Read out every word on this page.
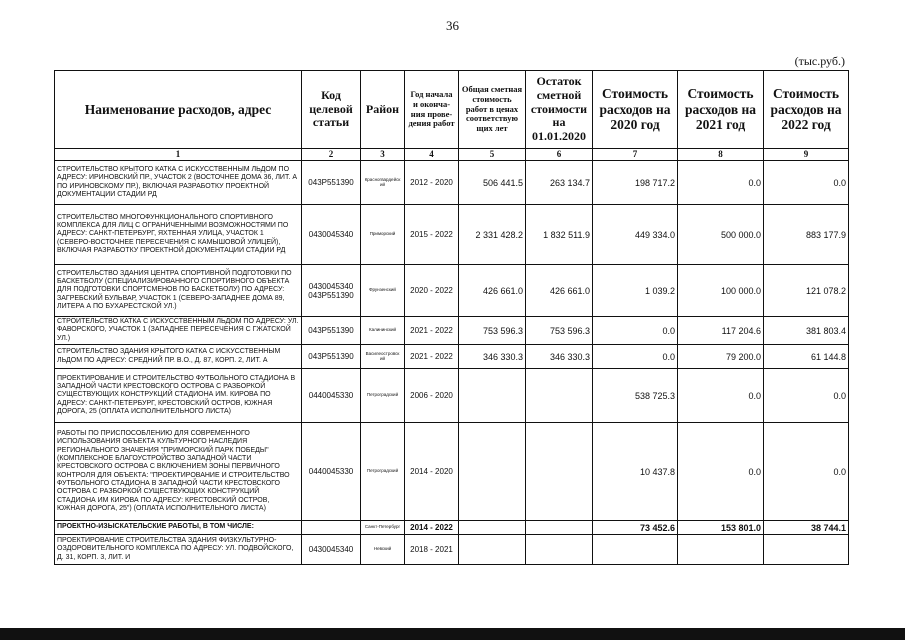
36
(тыс.руб.)
Наименование расходов, адрес	Код целевой статьи	Район	Год начала и оконча-ния прове-дения работ	Общая сметная стоимость работ в ценах соответствую щих лет	Остаток сметной стоимости на 01.01.2020	Стоимость расходов на 2020 год	Стоимость расходов на 2021 год	Стоимость расходов на 2022 год
1	2	3	4	5	6	7	8	9
СТРОИТЕЛЬСТВО КРЫТОГО КАТКА С ИСКУССТВЕННЫМ ЛЬДОМ ПО АДРЕСУ: ИРИНОВСКИЙ ПР., УЧАСТОК 2 (ВОСТОЧНЕЕ ДОМА 36, ЛИТ. А ПО ИРИНОВСКОМУ ПР.), ВКЛЮЧАЯ РАЗРАБОТКУ ПРОЕКТНОЙ ДОКУМЕНТАЦИИ СТАДИИ РД	043Р551390	Красногвардейск ий	2012 - 2020	506 441.5	263 134.7	198 717.2	0.0	0.0
СТРОИТЕЛЬСТВО МНОГОФУНКЦИОНАЛЬНОГО СПОРТИВНОГО КОМПЛЕКСА ДЛЯ ЛИЦ С ОГРАНИЧЕННЫМИ ВОЗМОЖНОСТЯМИ ПО АДРЕСУ: САНКТ-ПЕТЕРБУРГ, ЯХТЕННАЯ УЛИЦА, УЧАСТОК 1 (СЕВЕРО-ВОСТОЧНЕЕ ПЕРЕСЕЧЕНИЯ С КАМЫШОВОЙ УЛИЦЕЙ), ВКЛЮЧАЯ РАЗРАБОТКУ ПРОЕКТНОЙ ДОКУМЕНТАЦИИ СТАДИИ РД	0430045340	Приморский	2015 - 2022	2 331 428.2	1 832 511.9	449 334.0	500 000.0	883 177.9
СТРОИТЕЛЬСТВО ЗДАНИЯ ЦЕНТРА СПОРТИВНОЙ ПОДГОТОВКИ ПО БАСКЕТБОЛУ (СПЕЦИАЛИЗИРОВАННОГО СПОРТИВНОГО ОБЪЕКТА ДЛЯ ПОДГОТОВКИ СПОРТСМЕНОВ ПО БАСКЕТБОЛУ) ПО АДРЕСУ: ЗАГРЕБСКИЙ БУЛЬВАР, УЧАСТОК 1 (СЕВЕРО-ЗАПАДНЕЕ ДОМА 89, ЛИТЕРА А ПО БУХАРЕСТСКОЙ УЛ.)	0430045340 043Р551390	Фрунзенский	2020 - 2022	426 661.0	426 661.0	1 039.2	100 000.0	121 078.2
СТРОИТЕЛЬСТВО КАТКА С ИСКУССТВЕННЫМ ЛЬДОМ ПО АДРЕСУ: УЛ. ФАВОРСКОГО, УЧАСТОК 1 (ЗАПАДНЕЕ ПЕРЕСЕЧЕНИЯ С ГЖАТСКОЙ УЛ.)	043Р551390	Калининский	2021 - 2022	753 596.3	753 596.3	0.0	117 204.6	381 803.4
СТРОИТЕЛЬСТВО ЗДАНИЯ КРЫТОГО КАТКА С ИСКУССТВЕННЫМ ЛЬДОМ ПО АДРЕСУ: СРЕДНИЙ ПР. В.О., Д. 87, КОРП. 2, ЛИТ. А	043Р551390	Василеостровск ий	2021 - 2022	346 330.3	346 330.3	0.0	79 200.0	61 144.8
ПРОЕКТИРОВАНИЕ И СТРОИТЕЛЬСТВО ФУТБОЛЬНОГО СТАДИОНА В ЗАПАДНОЙ ЧАСТИ КРЕСТОВСКОГО ОСТРОВА С РАЗБОРКОЙ СУЩЕСТВУЮЩИХ КОНСТРУКЦИЙ СТАДИОНА ИМ. КИРОВА ПО АДРЕСУ: САНКТ-ПЕТЕРБУРГ, КРЕСТОВСКИЙ ОСТРОВ, ЮЖНАЯ ДОРОГА, 25 (ОПЛАТА ИСПОЛНИТЕЛЬНОГО ЛИСТА)	0440045330	Петроградский	2006 - 2020			538 725.3	0.0	0.0
РАБОТЫ ПО ПРИСПОСОБЛЕНИЮ ДЛЯ СОВРЕМЕННОГО ИСПОЛЬЗОВАНИЯ ОБЪЕКТА КУЛЬТУРНОГО НАСЛЕДИЯ РЕГИОНАЛЬНОГО ЗНАЧЕНИЯ "ПРИМОРСКИЙ ПАРК ПОБЕДЫ" (КОМПЛЕКСНОЕ БЛАГОУСТРОЙСТВО ЗАПАДНОЙ ЧАСТИ КРЕСТОВСКОГО ОСТРОВА С ВКЛЮЧЕНИЕМ ЗОНЫ ПЕРВИЧНОГО КОНТРОЛЯ ДЛЯ ОБЪЕКТА: "ПРОЕКТИРОВАНИЕ И СТРОИТЕЛЬСТВО ФУТБОЛЬНОГО СТАДИОНА В ЗАПАДНОЙ ЧАСТИ КРЕСТОВСКОГО ОСТРОВА С РАЗБОРКОЙ СУЩЕСТВУЮЩИХ КОНСТРУКЦИЙ СТАДИОНА ИМ КИРОВА ПО АДРЕСУ: КРЕСТОВСКИЙ ОСТРОВ, ЮЖНАЯ ДОРОГА, 25") (ОПЛАТА ИСПОЛНИТЕЛЬНОГО ЛИСТА)	0440045330	Петроградский	2014 - 2020			10 437.8	0.0	0.0
ПРОЕКТНО-ИЗЫСКАТЕЛЬСКИЕ РАБОТЫ, В ТОМ ЧИСЛЕ:		Санкт-Петербург	2014 - 2022			73 452.6	153 801.0	38 744.1
ПРОЕКТИРОВАНИЕ СТРОИТЕЛЬСТВА ЗДАНИЯ ФИЗКУЛЬТУРНО-ОЗДОРОВИТЕЛЬНОГО КОМПЛЕКСА ПО АДРЕСУ: УЛ. ПОДВОЙСКОГО, Д. 31, КОРП. 3, ЛИТ. И	0430045340	Невский	2018 - 2021					
